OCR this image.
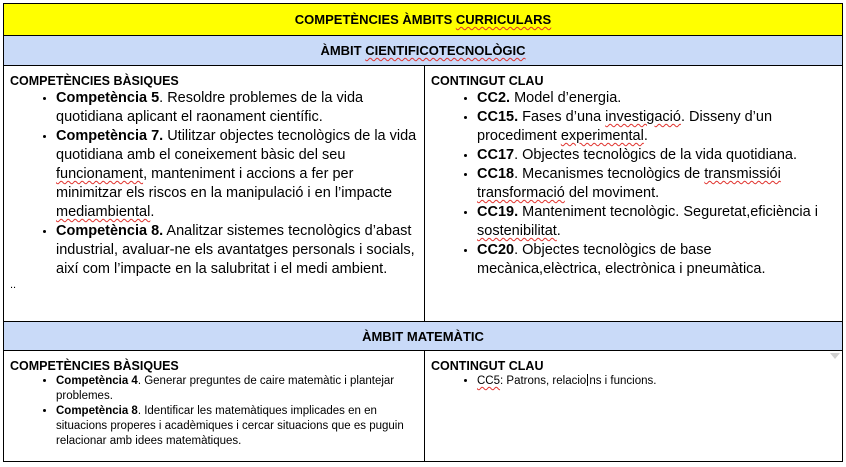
COMPETÈNCIES ÀMBITS CURRICULARS
ÀMBIT CIENTIFICOTECNOLÒGIC
COMPETÈNCIES BÀSIQUES
• Competència 5. Resoldre problemes de la vida quotidiana aplicant el raonament científic.
• Competència 7. Utilitzar objectes tecnològics de la vida quotidiana amb el coneixement bàsic del seu funcionament, manteniment i accions a fer per minimitzar els riscos en la manipulació i en l’impacte mediambiental.
• Competència 8. Analitzar sistemes tecnològics d’abast industrial, avaluar-ne els avantatges personals i socials, així com l’impacte en la salubritat i el medi ambient.
..
CONTINGUT CLAU
• CC2. Model d’energia.
• CC15. Fases d’una investigació. Disseny d’un procediment experimental.
• CC17. Objectes tecnològics de la vida quotidiana.
• CC18. Mecanismes tecnològics de transmissiói transformació del moviment.
• CC19. Manteniment tecnològic. Seguretat,eficiència i sostenibilitat.
• CC20. Objectes tecnològics de base mecànica,elèctrica, electrònica i pneumàtica.
ÀMBIT MATEMÀTIC
COMPETÈNCIES BÀSIQUES
• Competència 4. Generar preguntes de caire matemàtic i plantejar problemes.
• Competència 8. Identificar les matemàtiques implicades en en situacions properes i acadèmiques i cercar situacions que es puguin relacionar amb idees matemàtiques.
CONTINGUT CLAU
• CC5: Patrons, relacio ns i funcions.
